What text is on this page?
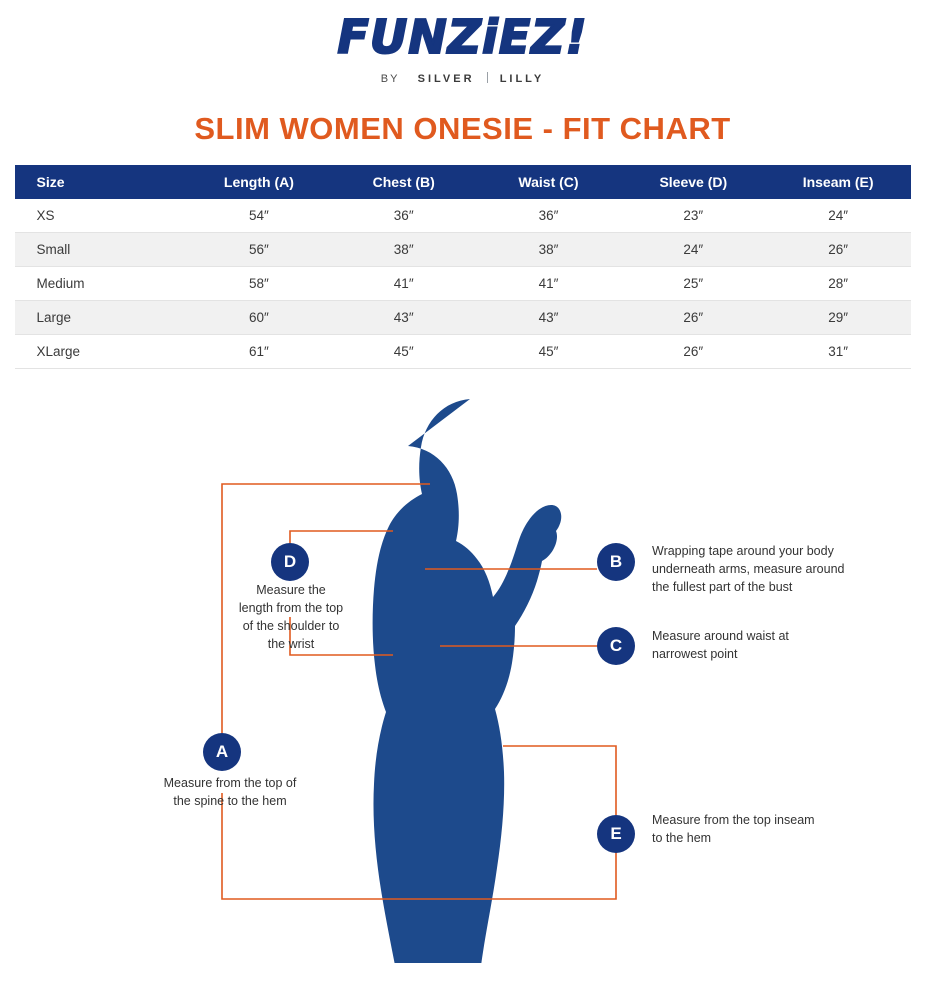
FUNZiEZ!
BY SILVER LILLY
SLIM WOMEN ONESIE - FIT CHART
Size	Length (A)	Chest (B)	Waist (C)	Sleeve (D)	Inseam (E)
XS	54″	36″	36″	23″	24″
Small	56″	38″	38″	24″	26″
Medium	58″	41″	41″	25″	28″
Large	60″	43″	43″	26″	29″
XLarge	61″	45″	45″	26″	31″
A
B
C
D
E
Measure from the top of
the spine to the hem
Wrapping tape around your body
underneath arms, measure around
the fullest part of the bust
Measure around waist at
narrowest point
Measure the
length from the top
of the shoulder to
the wrist
Measure from the top inseam
to the hem
